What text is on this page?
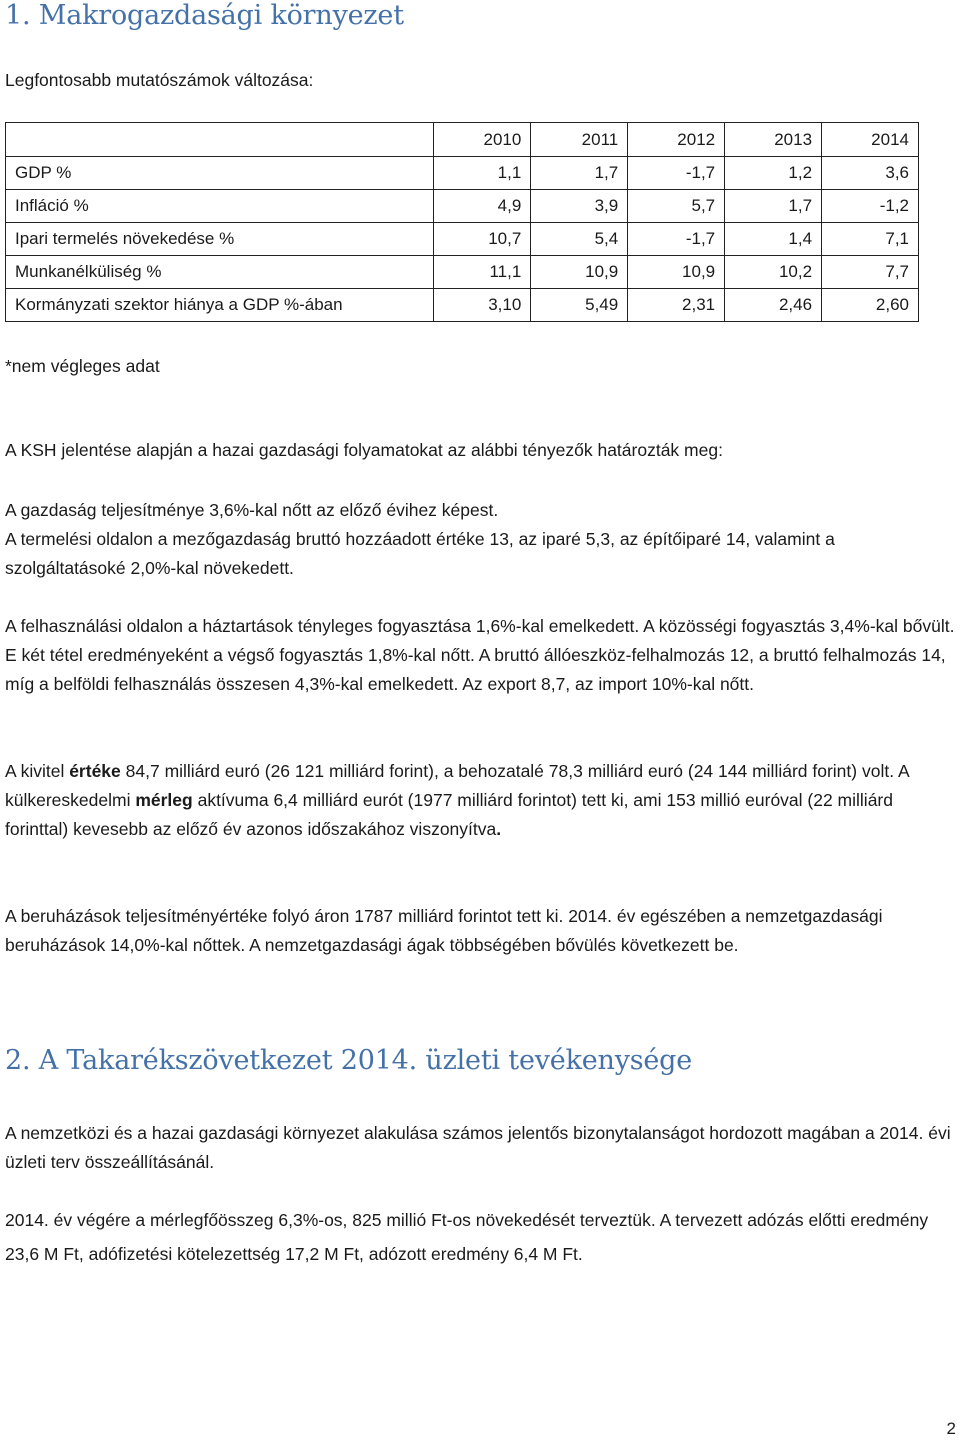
1. Makrogazdasági környezet

Legfontosabb mutatószámok változása:

	2010	2011	2012	2013	2014
GDP %	1,1	1,7	-1,7	1,2	3,6
Infláció %	4,9	3,9	5,7	1,7	-1,2
Ipari termelés növekedése %	10,7	5,4	-1,7	1,4	7,1
Munkanélküliség %	11,1	10,9	10,9	10,2	7,7
Kormányzati szektor hiánya a GDP %-ában	3,10	5,49	2,31	2,46	2,60

*nem végleges adat

A KSH jelentése alapján a hazai gazdasági folyamatokat az alábbi tényezők határozták meg:

A gazdaság teljesítménye 3,6%-kal nőtt az előző évihez képest.
A termelési oldalon a mezőgazdaság bruttó hozzáadott értéke 13, az iparé 5,3, az építőiparé 14, valamint a szolgáltatásoké 2,0%-kal növekedett.

A felhasználási oldalon a háztartások tényleges fogyasztása 1,6%-kal emelkedett. A közösségi fogyasztás 3,4%-kal bővült. E két tétel eredményeként a végső fogyasztás 1,8%-kal nőtt. A bruttó állóeszköz-felhalmozás 12, a bruttó felhalmozás 14, míg a belföldi felhasználás összesen 4,3%-kal emelkedett. Az export 8,7, az import 10%-kal nőtt.

A kivitel értéke 84,7 milliárd euró (26 121 milliárd forint), a behozatalé 78,3 milliárd euró (24 144 milliárd forint) volt. A külkereskedelmi mérleg aktívuma 6,4 milliárd eurót (1977 milliárd forintot) tett ki, ami 153 millió euróval (22 milliárd forinttal) kevesebb az előző év azonos időszakához viszonyítva.

A beruházások teljesítményértéke folyó áron 1787 milliárd forintot tett ki. 2014. év egészében a nemzetgazdasági beruházások 14,0%-kal nőttek. A nemzetgazdasági ágak többségében bővülés következett be.

2. A Takarékszövetkezet 2014. üzleti tevékenysége

A nemzetközi és a hazai gazdasági környezet alakulása számos jelentős bizonytalanságot hordozott magában a 2014. évi üzleti terv összeállításánál.

2014. év végére a mérlegfőösszeg 6,3%-os, 825 millió Ft-os növekedését terveztük. A tervezett adózás előtti eredmény 23,6 M Ft, adófizetési kötelezettség 17,2 M Ft, adózott eredmény 6,4 M Ft.

2
